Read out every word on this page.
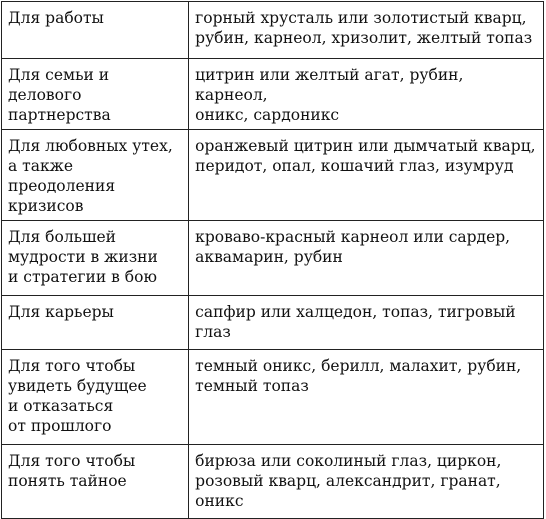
Для работы	горный хрусталь или золотистый кварц,
рубин, карнеол, хризолит, желтый топаз
Для семьи и делового
партнерства	цитрин или желтый агат, рубин, карнеол,
оникс, сардоникс
Для любовных утех,
а также преодоления
кризисов	оранжевый цитрин или дымчатый кварц,
перидот, опал, кошачий глаз, изумруд
Для большей
мудрости в жизни
и стратегии в бою	кроваво-красный карнеол или сардер,
аквамарин, рубин
Для карьеры	сапфир или халцедон, топаз, тигровый
глаз
Для того чтобы
увидеть будущее
и отказаться
от прошлого	темный оникс, берилл, малахит, рубин,
темный топаз
Для того чтобы
понять тайное	бирюза или соколиный глаз, циркон,
розовый кварц, александрит, гранат,
оникс
